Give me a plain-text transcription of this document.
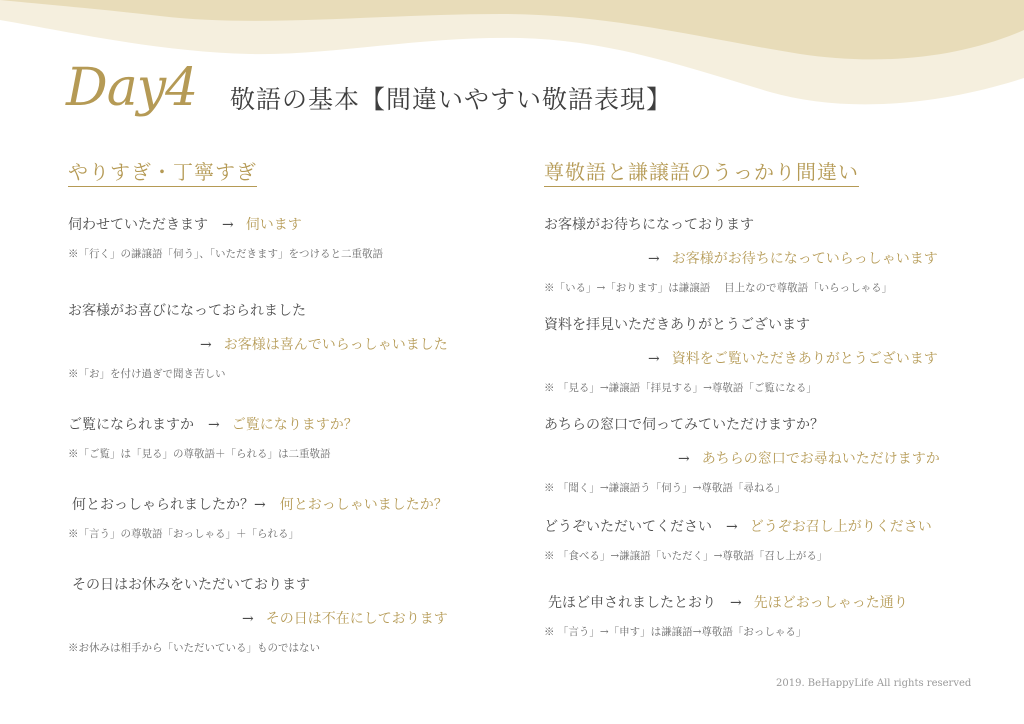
Day4 敬語の基本【間違いやすい敬語表現】
やりすぎ・丁寧すぎ
伺わせていただきます → 伺います
※「行く」の謙譲語「伺う」、「いただきます」をつけると二重敬語
お客様がお喜びになっておられました
→ お客様は喜んでいらっしゃいました
※「お」を付け過ぎで聞き苦しい
ご覧になられますか → ご覧になりますか？
※「ご覧」は「見る」の尊敬語＋「られる」は二重敬語
何とおっしゃられましたか？→ 何とおっしゃいましたか？
※「言う」の尊敬語「おっしゃる」＋「られる」
その日はお休みをいただいております
→ その日は不在にしております
※お休みは相手から「いただいている」ものではない
尊敬語と謙譲語のうっかり間違い
お客様がお待ちになっております
→ お客様がお待ちになっていらっしゃいます
※「いる」→「おります」は謙譲語　 目上なので尊敬語「いらっしゃる」
資料を拝見いただきありがとうございます
→ 資料をご覧いただきありがとうございます
※ 「見る」→謙譲語「拝見する」→尊敬語「ご覧になる」
あちらの窓口で伺ってみていただけますか？
→ あちらの窓口でお尋ねいただけますか
※ 「聞く」→謙譲語う「伺う」→尊敬語「尋ねる」
どうぞいただいてください → どうぞお召し上がりください
※ 「食べる」→謙譲語「いただく」→尊敬語「召し上がる」
先ほど申されましたとおり → 先ほどおっしゃった通り
※ 「言う」→「申す」は謙譲語→尊敬語「おっしゃる」
2019. BeHappyLife All rights reserved
